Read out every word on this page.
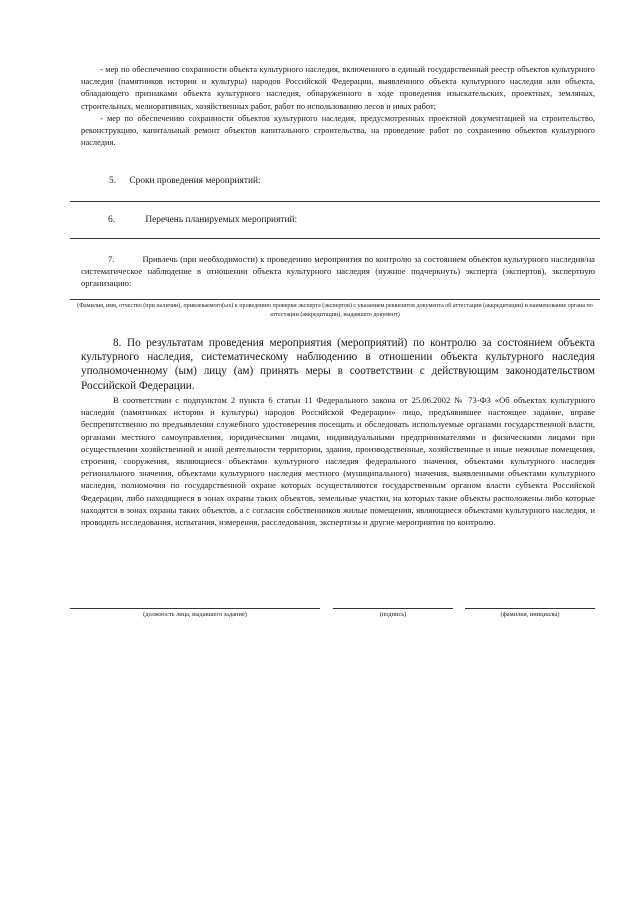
- мер по обеспечению сохранности объекта культурного наследия, включенного в единый государственный реестр объектов культурного наследия (памятников истории и культуры) народов Российской Федерации, выявленного объекта культурного наследия или объекта, обладающего признаками объекта культурного наследия, обнаруженного в ходе проведения изыскательских, проектных, земляных, строительных, мелиоративных, хозяйственных работ, работ по использованию лесов и иных работ;

- мер по обеспечению сохранности объектов культурного наследия, предусмотренных проектной документацией на строительство, реконструкцию, капитальный ремонт объектов капитального строительства, на проведение работ по сохранению объектов культурного наследия.

5. Сроки проведения мероприятий:
6.	Перечень планируемых мероприятий:

7.	Привлечь (при необходимости) к проведению мероприятия по контролю за состоянием объектов культурного наследия/на систематическое наблюдение в отношении объекта культурного наследия (нужное подчеркнуть) эксперта (экспертов), экспертную организацию:

(Фамилия, имя, отчество (при наличии), привлекаемого(ых) к проведению проверки эксперта (экспертов) с указанием реквизитов документа об аттестации (аккредитации) и наименование органа по аттестации (аккредитации), выдавшего документ)

8. По результатам проведения мероприятия (мероприятий) по контролю за состоянием объекта культурного наследия, систематическому наблюдению в отношении объекта культурного наследия уполномоченному (ым) лицу (ам) принять меры в соответствии с действующим законодательством Российской Федерации.

В соответствии с подпунктом 2 пункта 6 статьи 11 Федерального закона от 25.06.2002 № 73-ФЗ «Об объектах культурного наследия (памятниках истории и культуры) народов Российской Федерации» лицо, предъявившее настоящее задание, вправе беспрепятственно по предъявлении служебного удостоверения посещать и обследовать используемые органами государственной власти, органами местного самоуправления, юридическими лицами, индивидуальными предпринимателями и физическими лицами при осуществлении хозяйственной и иной деятельности территории, здания, производственные, хозяйственные и иные нежилые помещения, строения, сооружения, являющиеся объектами культурного наследия федерального значения, объектами культурного наследия регионального значения, объектами культурного наследия местного (муниципального) значения, выявленными объектами культурного наследия, полномочия по государственной охране которых осуществляются государственным органом власти субъекта Российской Федерации, либо находящиеся в зонах охраны таких объектов, земельные участки, на которых такие объекты расположены либо которые находятся в зонах охраны таких объектов, а с согласия собственников жилые помещения, являющиеся объектами культурного наследия, и проводить исследования, испытания, измерения, расследования, экспертизы и другие мероприятия по контролю.

(должность лица, выдавшего задание)	(подпись)	(фамилия, инициалы)
